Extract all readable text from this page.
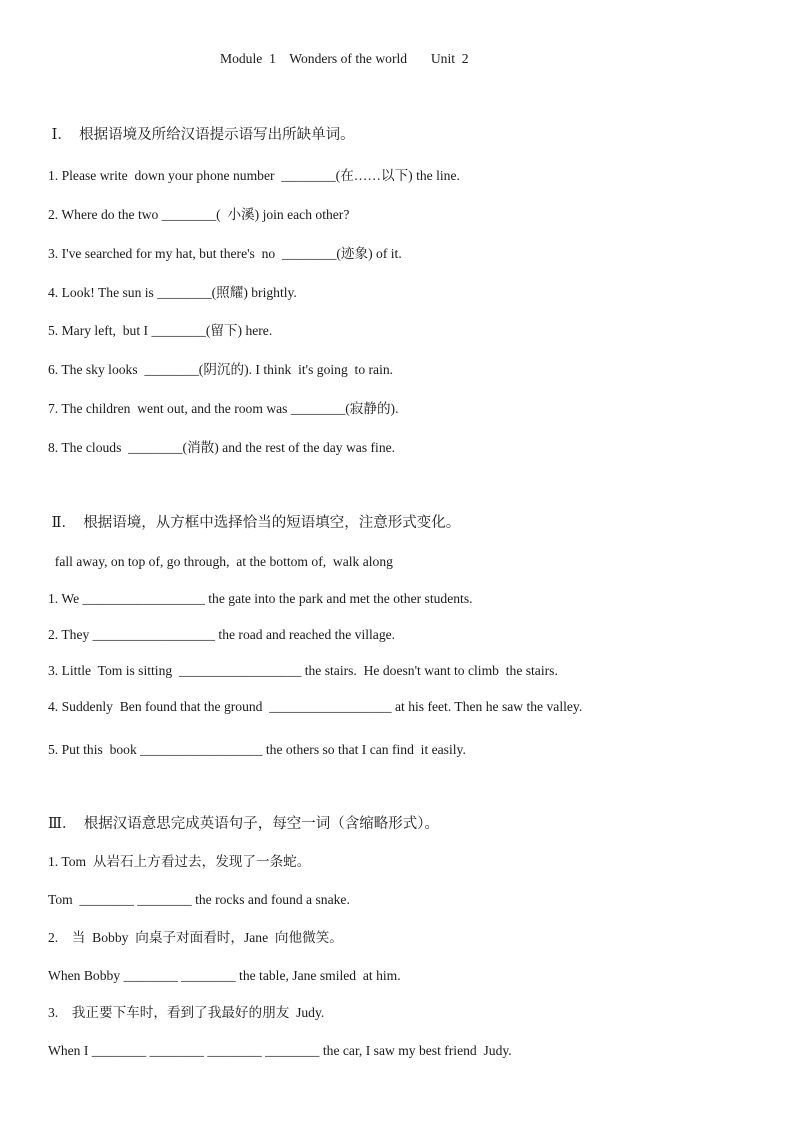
Module  1    Wonders of the world       Unit  2
Ⅰ．  根据语境及所给汉语提示语写出所缺单词。
1. Please write  down your phone number  ________(在……以下) the line.
2. Where do the two ________(  小溪) join each other?
3. I've searched for my hat, but there's  no  ________(迹象) of it.
4. Look! The sun is ________(照耀) brightly.
5. Mary left,  but I ________(留下) here.
6. The sky looks  ________(阴沉的). I think  it's going  to rain.
7. The children  went out, and the room was ________(寂静的).
8. The clouds  ________(消散) and the rest of the day was fine.
Ⅱ．  根据语境，从方框中选择恰当的短语填空，注意形式变化。
fall away, on top of, go through,  at the bottom of,  walk along
1. We __________________ the gate into the park and met the other students.
2. They __________________ the road and reached the village.
3. Little  Tom is sitting  __________________ the stairs.  He doesn't want to climb  the stairs.
4. Suddenly  Ben found that the ground  __________________ at his feet. Then he saw the valley.
5. Put this  book __________________ the others so that I can find  it easily.
Ⅲ．  根据汉语意思完成英语句子，每空一词（含缩略形式）。
1. Tom  从岩石上方看过去，发现了一条蛇。
Tom  ________ ________ the rocks and found a snake.
2.    当  Bobby  向桌子对面看时，Jane  向他微笑。
When Bobby ________ ________ the table, Jane smiled  at him.
3.    我正要下车时，看到了我最好的朋友  Judy.
When I ________ ________ ________ ________ the car, I saw my best friend  Judy.
